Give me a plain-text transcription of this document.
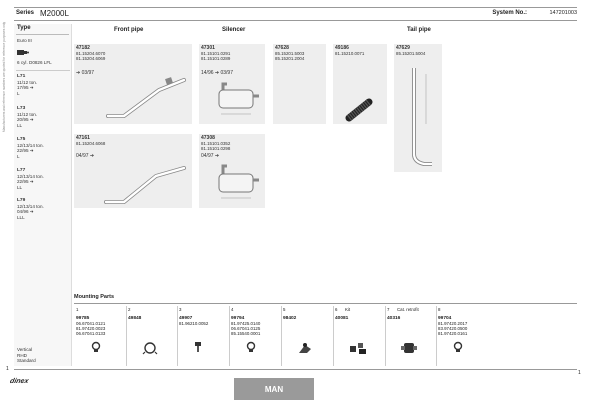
Manufacturers and reference numbers are quoted for reference purposes only
Series M2000L	System No.:	147201003
Front pipe	Silencer	Tail pipe
Type
Euro III
6 cyl. D0826 LFL
L71
11/12 ton.
17/95 ➔
L
L73
11/12 ton.
20/95 ➔
LL
L75
12/13/14 ton.
22/95 ➔
L
L77
12/13/14 ton.
22/95 ➔
LL
L79
12/13/14 ton.
04/96 ➔
LLL
Vertical
RHD
Standard
47182
81.15204.6070
81.15204.6069
➔ 03/97
47301
81.15101.0291
81.15101.0289
14/96 ➔ 03/97
47628
85.15201.5003
85.15201.2004
49186
81.15210.0071
47629
85.15201.5004
47161
81.15204.6068
04/97 ➔
47308
81.15101.0352
81.15101.0298
04/97 ➔
Mounting Parts
1
99785
06.67041.0121
81.97420.0023
06.67041.0133
2
49848
3
49907
81.96210.0052
4
99794
81.97425.0140
06.67041.0125
85.15540.0001
5
98402
6 Kit
40081
7 Cat. retrofit
40316
8
99704
81.97420.2017
83.97420.0500
81.97420.0161
1
1
dinex
MAN
